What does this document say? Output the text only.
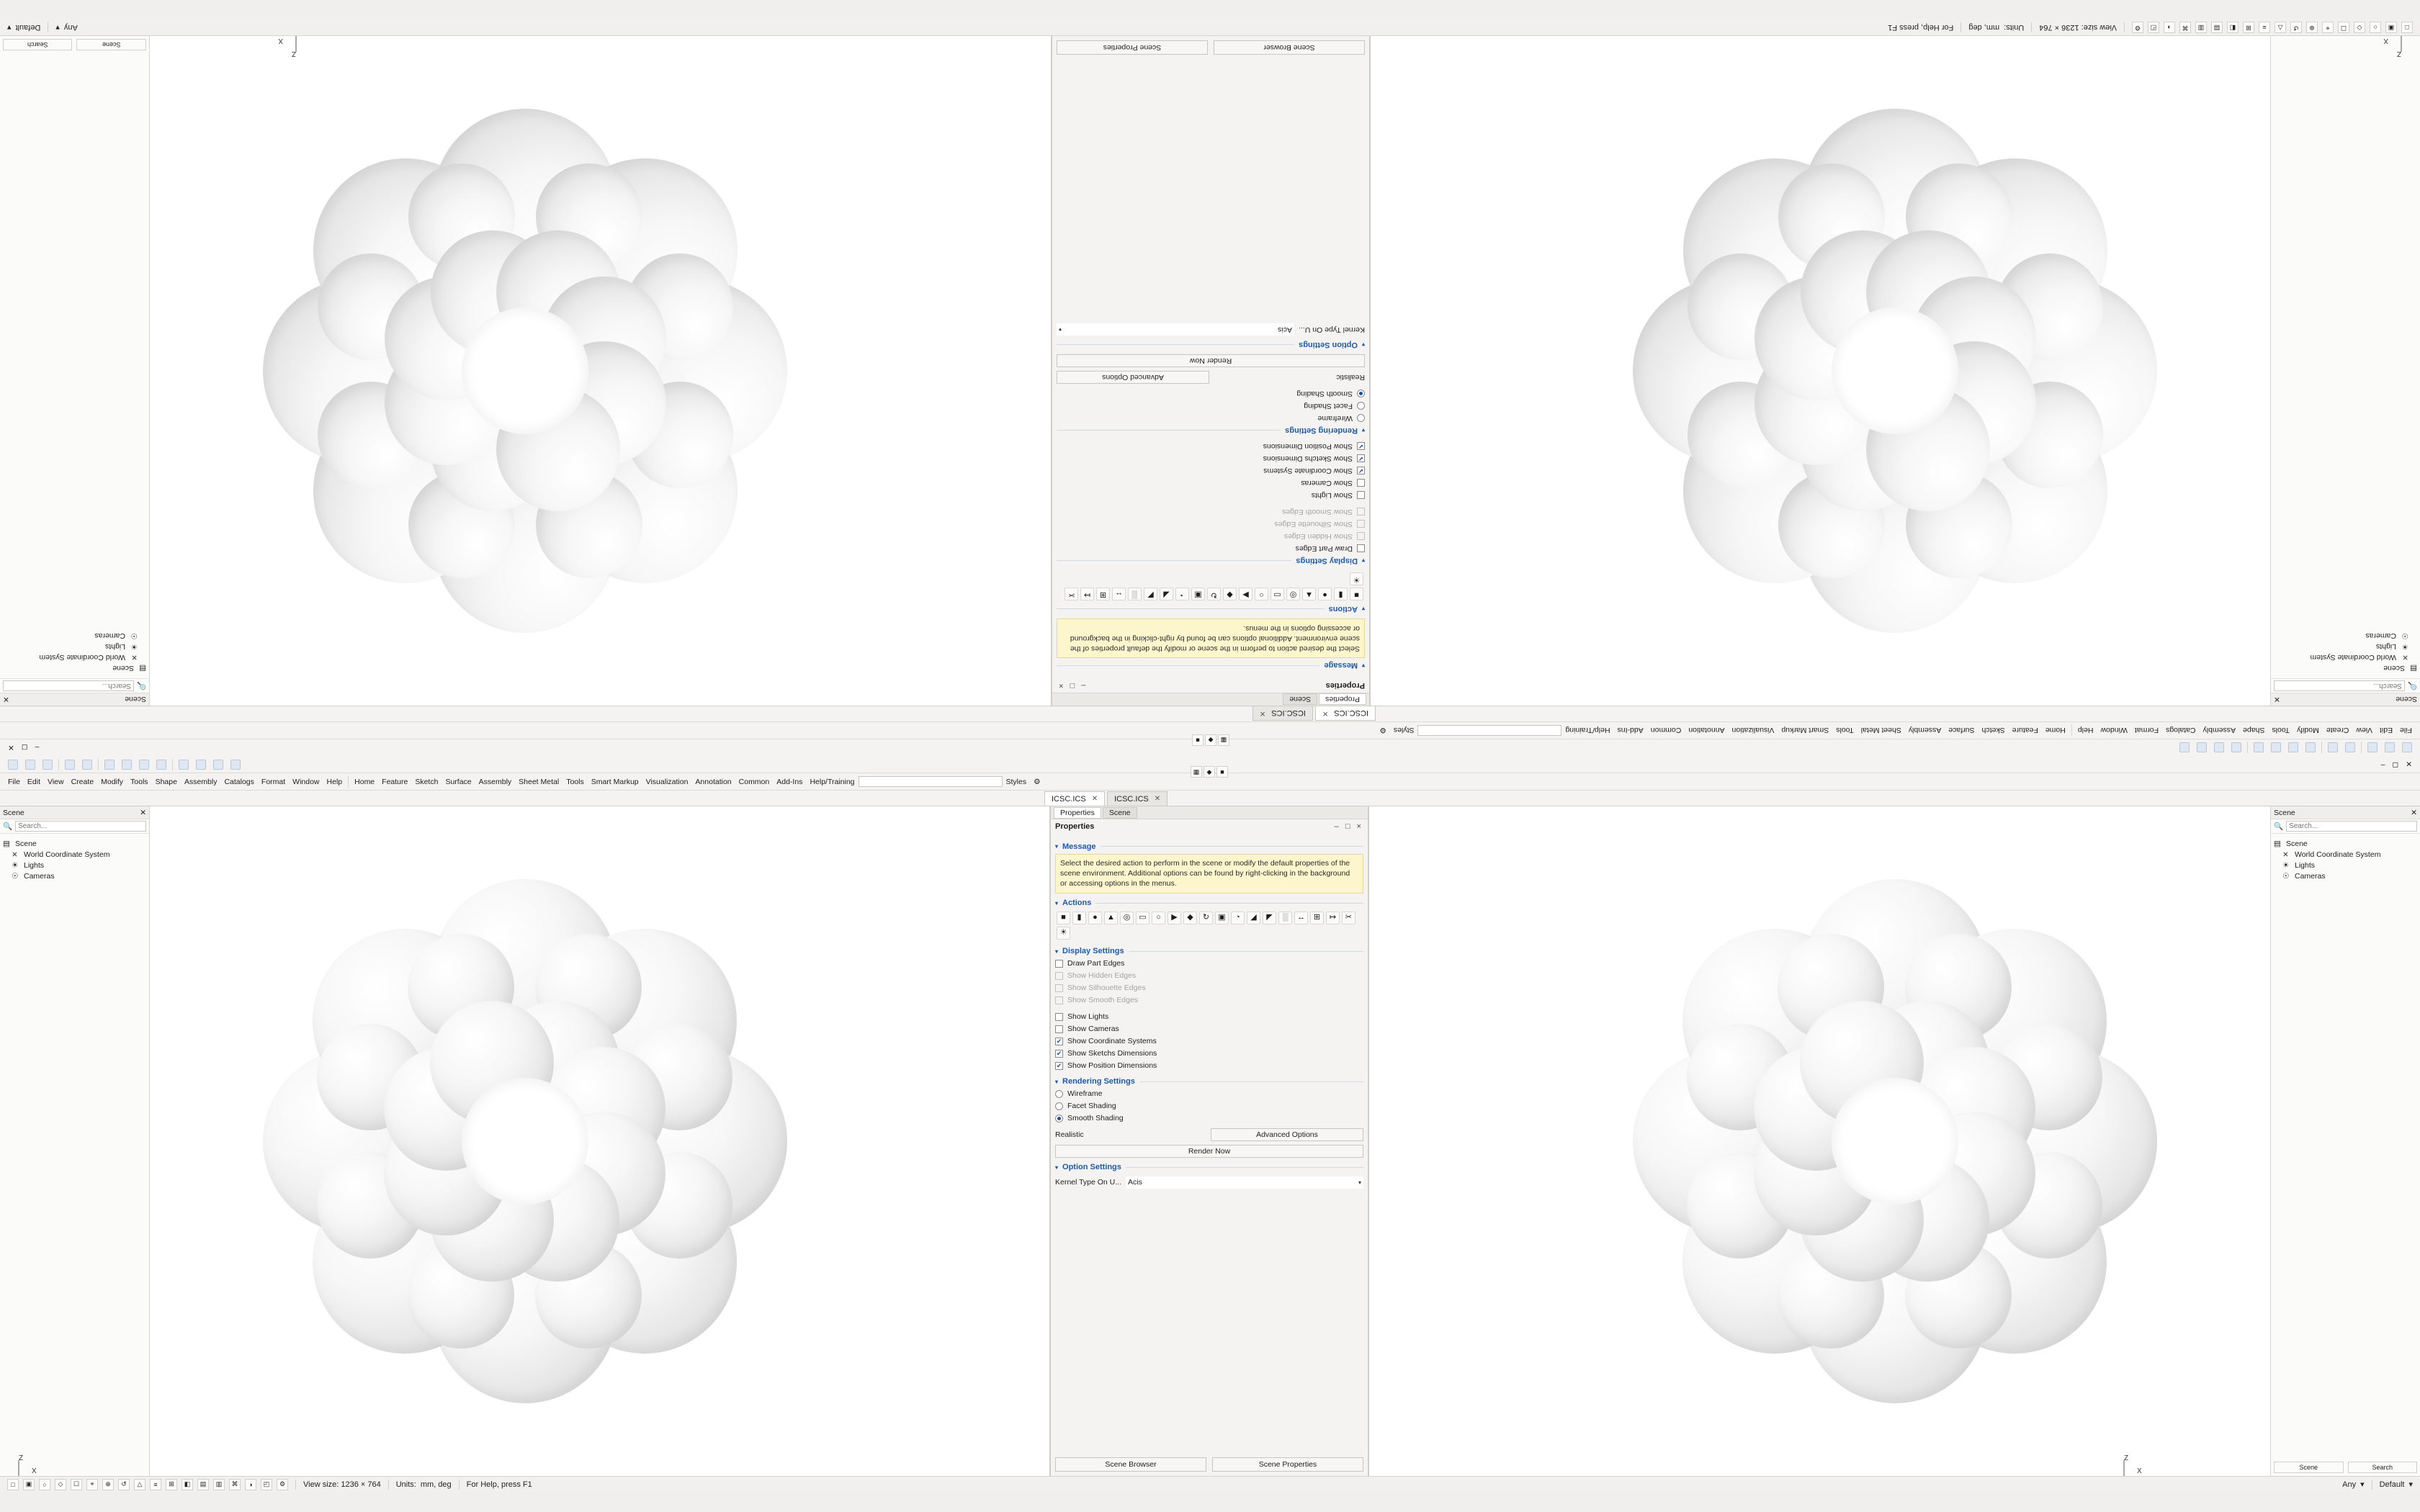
– ◻ ✕
File Edit View Create Modify Tools Shape Assembly Catalogs Format Window Help	Home Feature Sketch Surface Assembly Sheet Metal Tools Smart Markup Visualization Annotation Common Add-Ins Help/Training	Styles ⚙
ICSC.ICS ✕ ICSC.ICS ✕
Scene	✕
🔍
Search...
▤ Scene
⨯ World Coordinate System
☀ Lights
☉ Cameras
Z
X
Properties	Scene
Properties	– □ ×
▾ Message
Select the desired action to perform in the scene or modify the default properties of the scene environment. Additional options can be found by right-clicking in the background or accessing options in the menus.
▾ Actions
■	▮	●	▲	◎	▭	○	▶	◆	↻	▣	◔	◢	◤	░	↔	⊞	↦	✂
☀
▾ Display Settings
Draw Part Edges
Show Hidden Edges
Show Silhouette Edges
Show Smooth Edges
Show Lights
Show Cameras
✔ Show Coordinate Systems
✔ Show Sketchs Dimensions
✔ Show Position Dimensions
▾ Rendering Settings
Wireframe
Facet Shading
Smooth Shading
Realistic	Advanced Options
Render Now
▾ Option Settings
Kernel Type On U... Acis	▾
Scene Browser	Scene Properties
Scene	✕
🔍
Search...
▤ Scene
⨯ World Coordinate System
☀ Lights
☉ Cameras
Scene	Search
Z
X
▦	◆	■
□	▣	○	◇	☐	⌖	⊕	↺	△	≡	⊞	◧	▤	▥	⌘	◑	◰	⚙	View size: 1236 × 764	Units: mm, deg	For Help, press F1	Any ▾ Default ▾
–
◻
✕
File
Edit
View
Create
Modify
Tools
Shape
Assembly
Catalogs
Format
Window
Help
Home
Feature
Sketch
Surface
Assembly
Sheet Metal
Tools
Smart Markup
Visualization
Annotation
Common
Add-Ins
Help/Training
Styles
⚙
ICSC.ICS
✕
ICSC.ICS
✕
Scene
✕
🔍
Search...
▤
Scene
⨯
World Coordinate System
☀
Lights
☉
Cameras
Z
X
Properties
Scene
Properties
– □ ×
▾
Message
Select the desired action to perform in the scene or modify the default properties of the scene environment. Additional options can be found by right-clicking in the background or accessing options in the menus.
▾
Actions
■
▮
●
▲
◎
▭
○
▶
◆
↻
▣
◔
◢
◤
░
↔
⊞
↦
✂
☀
▾
Display Settings
Draw Part Edges
Show Hidden Edges
Show Silhouette Edges
Show Smooth Edges
Show Lights
Show Cameras
✔
Show Coordinate Systems
✔
Show Sketchs Dimensions
✔
Show Position Dimensions
▾
Rendering Settings
Wireframe
Facet Shading
Smooth Shading
Realistic
Advanced Options
Render Now
▾
Option Settings
Kernel Type On U...
Acis
▾
Scene Browser
Scene Properties
Scene
✕
🔍
Search...
▤
Scene
⨯
World Coordinate System
☀
Lights
☉
Cameras
Scene
Search
Z
X
▦
◆
■
□
▣
○
◇
☐
⌖
⊕
↺
△
≡
⊞
◧
▤
▥
⌘
◑
◰
⚙
View size: 1236 × 764
Units:
mm, deg
For Help, press F1
Any
▾
Default
▾
